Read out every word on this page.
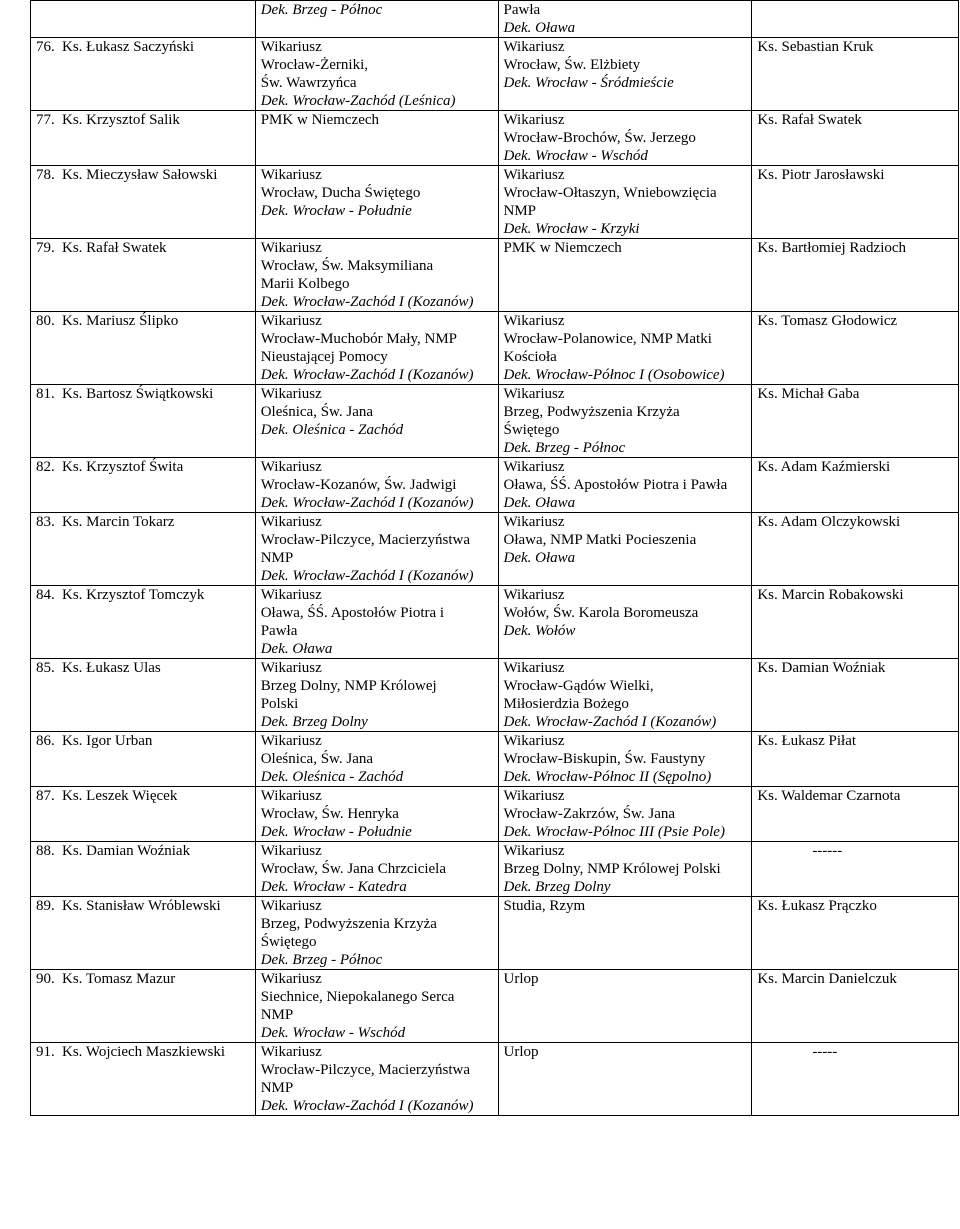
	Dek. Brzeg - Północ	Pawła
Dek. Oława	

76. Ks. Łukasz Saczyński	Wikariusz
Wrocław-Żerniki,
Św. Wawrzyńca
Dek. Wrocław-Zachód (Leśnica)	Wikariusz
Wrocław, Św. Elżbiety
Dek. Wrocław - Śródmieście	Ks. Sebastian Kruk

77. Ks. Krzysztof Salik	PMK w Niemczech	Wikariusz
Wrocław-Brochów, Św. Jerzego
Dek. Wrocław - Wschód	Ks. Rafał Swatek

78. Ks. Mieczysław Sałowski	Wikariusz
Wrocław, Ducha Świętego
Dek. Wrocław - Południe	Wikariusz
Wrocław-Ołtaszyn, Wniebowzięcia
NMP
Dek. Wrocław - Krzyki	Ks. Piotr Jarosławski

79. Ks. Rafał Swatek	Wikariusz
Wrocław, Św. Maksymiliana
Marii Kolbego
Dek. Wrocław-Zachód I (Kozanów)	PMK w Niemczech	Ks. Bartłomiej Radzioch

80. Ks. Mariusz Ślipko	Wikariusz
Wrocław-Muchobór Mały, NMP
Nieustającej Pomocy
Dek. Wrocław-Zachód I (Kozanów)	Wikariusz
Wrocław-Polanowice, NMP Matki
Kościoła
Dek. Wrocław-Północ I (Osobowice)	Ks. Tomasz Głodowicz

81. Ks. Bartosz Świątkowski	Wikariusz
Oleśnica, Św. Jana
Dek. Oleśnica - Zachód	Wikariusz
Brzeg, Podwyższenia Krzyża
Świętego
Dek. Brzeg - Północ	Ks. Michał Gaba

82. Ks. Krzysztof Świta	Wikariusz
Wrocław-Kozanów, Św. Jadwigi
Dek. Wrocław-Zachód I (Kozanów)	Wikariusz
Oława, ŚŚ. Apostołów Piotra i Pawła
Dek. Oława	Ks. Adam Kaźmierski

83. Ks. Marcin Tokarz	Wikariusz
Wrocław-Pilczyce, Macierzyństwa
NMP
Dek. Wrocław-Zachód I (Kozanów)	Wikariusz
Oława, NMP Matki Pocieszenia
Dek. Oława	Ks. Adam Olczykowski

84. Ks. Krzysztof Tomczyk	Wikariusz
Oława, ŚŚ. Apostołów Piotra i
Pawła
Dek. Oława	Wikariusz
Wołów, Św. Karola Boromeusza
Dek. Wołów	Ks. Marcin Robakowski

85. Ks. Łukasz Ulas	Wikariusz
Brzeg Dolny, NMP Królowej
Polski
Dek. Brzeg Dolny	Wikariusz
Wrocław-Gądów Wielki,
Miłosierdzia Bożego
Dek. Wrocław-Zachód I (Kozanów)	Ks. Damian Woźniak

86. Ks. Igor Urban	Wikariusz
Oleśnica, Św. Jana
Dek. Oleśnica - Zachód	Wikariusz
Wrocław-Biskupin, Św. Faustyny
Dek. Wrocław-Północ II (Sępolno)	Ks. Łukasz Piłat

87. Ks. Leszek Więcek	Wikariusz
Wrocław, Św. Henryka
Dek. Wrocław - Południe	Wikariusz
Wrocław-Zakrzów, Św. Jana
Dek. Wrocław-Północ III (Psie Pole)	Ks. Waldemar Czarnota

88. Ks. Damian Woźniak	Wikariusz
Wrocław, Św. Jana Chrzciciela
Dek. Wrocław - Katedra	Wikariusz
Brzeg Dolny, NMP Królowej Polski
Dek. Brzeg Dolny	------

89. Ks. Stanisław Wróblewski	Wikariusz
Brzeg, Podwyższenia Krzyża
Świętego
Dek. Brzeg - Północ	Studia, Rzym	Ks. Łukasz Prączko

90. Ks. Tomasz Mazur	Wikariusz
Siechnice, Niepokalanego Serca
NMP
Dek. Wrocław - Wschód	Urlop	Ks. Marcin Danielczuk

91. Ks. Wojciech Maszkiewski	Wikariusz
Wrocław-Pilczyce, Macierzyństwa
NMP
Dek. Wrocław-Zachód I (Kozanów)	Urlop	-----
